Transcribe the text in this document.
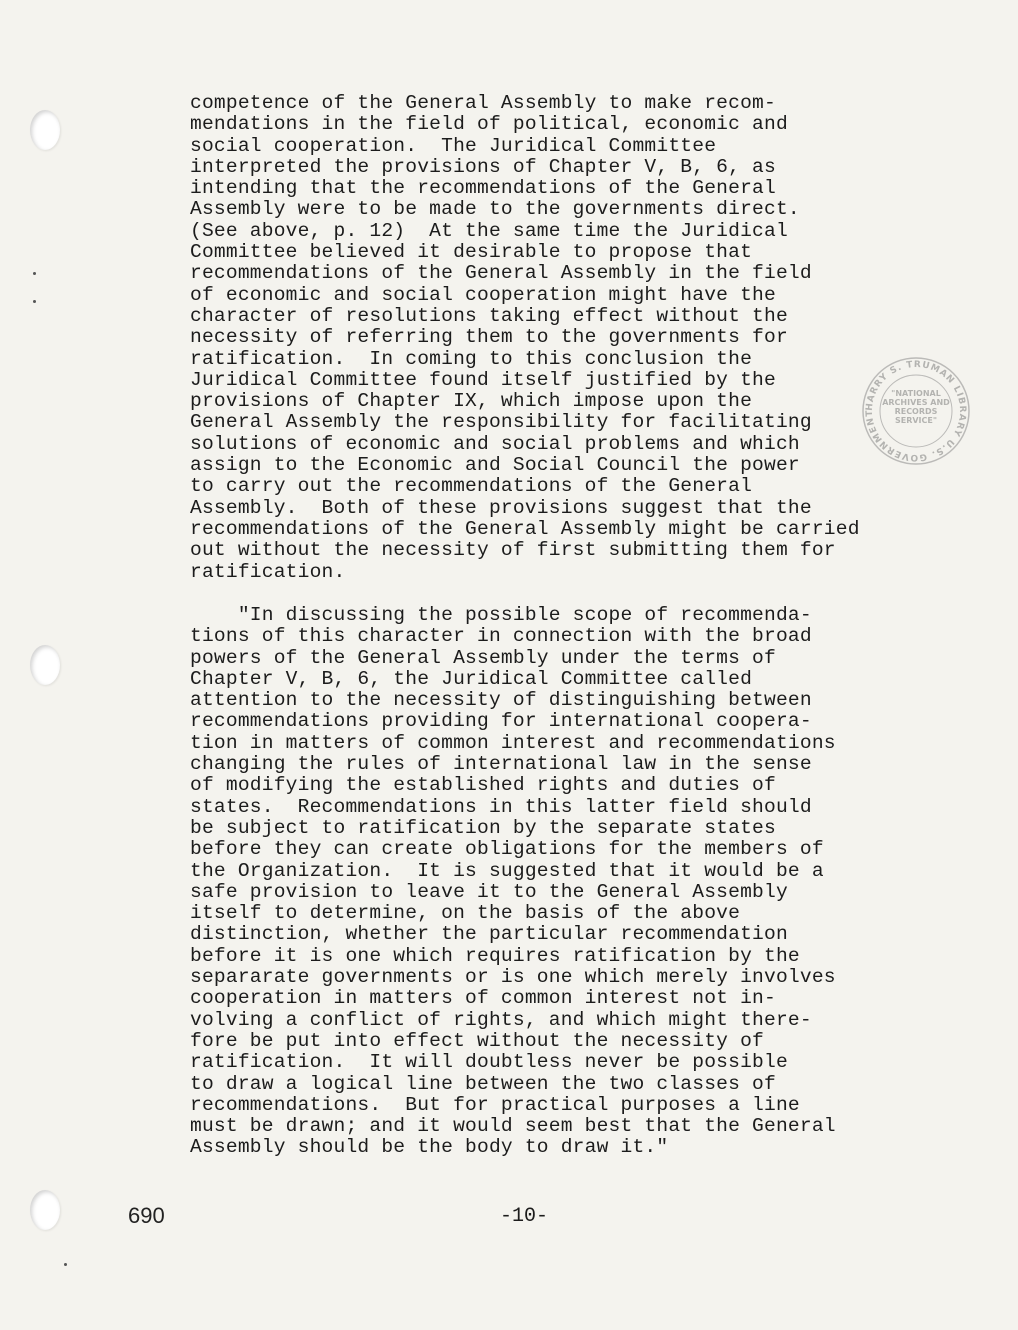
competence of the General Assembly to make recom-
mendations in the field of political, economic and
social cooperation.  The Juridical Committee
interpreted the provisions of Chapter V, B, 6, as
intending that the recommendations of the General
Assembly were to be made to the governments direct.
(See above, p. 12)  At the same time the Juridical
Committee believed it desirable to propose that
recommendations of the General Assembly in the field
of economic and social cooperation might have the
character of resolutions taking effect without the
necessity of referring them to the governments for
ratification.  In coming to this conclusion the
Juridical Committee found itself justified by the
provisions of Chapter IX, which impose upon the
General Assembly the responsibility for facilitating
solutions of economic and social problems and which
assign to the Economic and Social Council the power
to carry out the recommendations of the General
Assembly.  Both of these provisions suggest that the
recommendations of the General Assembly might be carried
out without the necessity of first submitting them for
ratification.
"In discussing the possible scope of recommenda-
tions of this character in connection with the broad
powers of the General Assembly under the terms of
Chapter V, B, 6, the Juridical Committee called
attention to the necessity of distinguishing between
recommendations providing for international coopera-
tion in matters of common interest and recommendations
changing the rules of international law in the sense
of modifying the established rights and duties of
states.  Recommendations in this latter field should
be subject to ratification by the separate states
before they can create obligations for the members of
the Organization.  It is suggested that it would be a
safe provision to leave it to the General Assembly
itself to determine, on the basis of the above
distinction, whether the particular recommendation
before it is one which requires ratification by the
separarate governments or is one which merely involves
cooperation in matters of common interest not in-
volving a conflict of rights, and which might there-
fore be put into effect without the necessity of
ratification.  It will doubtless never be possible
to draw a logical line between the two classes of
recommendations.  But for practical purposes a line
must be drawn; and it would seem best that the General
Assembly should be the body to draw it."
HARRY S. TRUMAN LIBRARY U.S. GOVERNMENT
"NATIONAL ARCHIVES AND RECORDS SERVICE"
690	-10-
